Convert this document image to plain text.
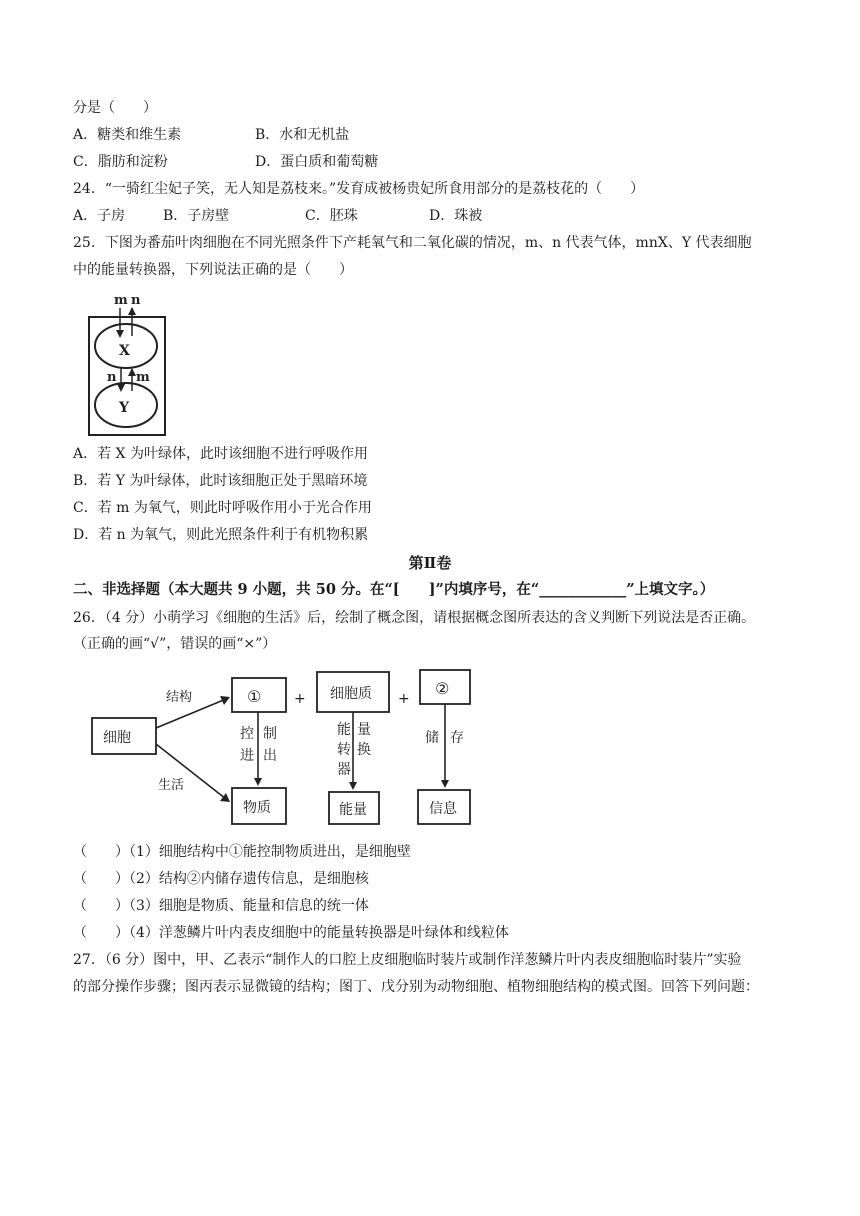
分是（　　）
A．糖类和维生素	B．水和无机盐
C．脂肪和淀粉	D．蛋白质和葡萄糖
24．“一骑红尘妃子笑，无人知是荔枝来。”发育成被杨贵妃所食用部分的是荔枝花的（　　）
A．子房	B．子房壁	C．胚珠	D．珠被
25．下图为番茄叶肉细胞在不同光照条件下产耗氧气和二氧化碳的情况，m、n 代表气体，mnX、Y 代表细胞
中的能量转换器，下列说法正确的是（　　）
m n
X
n m
Y
A．若 X 为叶绿体，此时该细胞不进行呼吸作用
B．若 Y 为叶绿体，此时该细胞正处于黑暗环境
C．若 m 为氧气，则此时呼吸作用小于光合作用
D．若 n 为氧气，则此光照条件利于有机物积累
第Ⅱ卷
二、非选择题（本大题共 9 小题，共 50 分。在“[　　]”内填序号，在“____________”上填文字。）
26．（4 分）小萌学习《细胞的生活》后，绘制了概念图，请根据概念图所表达的含义判断下列说法是否正确。
（正确的画“√”，错误的画“×”）
细胞
结构
生活
① + 细胞质 +
②
控 制
进 出
能 量
转 换
器
储 存
物质	能量	信息
（　　）（1）细胞结构中①能控制物质进出，是细胞壁
（　　）（2）结构②内储存遗传信息，是细胞核
（　　）（3）细胞是物质、能量和信息的统一体
（　　）（4）洋葱鳞片叶内表皮细胞中的能量转换器是叶绿体和线粒体
27．（6 分）图中，甲、乙表示“制作人的口腔上皮细胞临时装片或制作洋葱鳞片叶内表皮细胞临时装片”实验
的部分操作步骤；图丙表示显微镜的结构；图丁、戊分别为动物细胞、植物细胞结构的模式图。回答下列问题：
